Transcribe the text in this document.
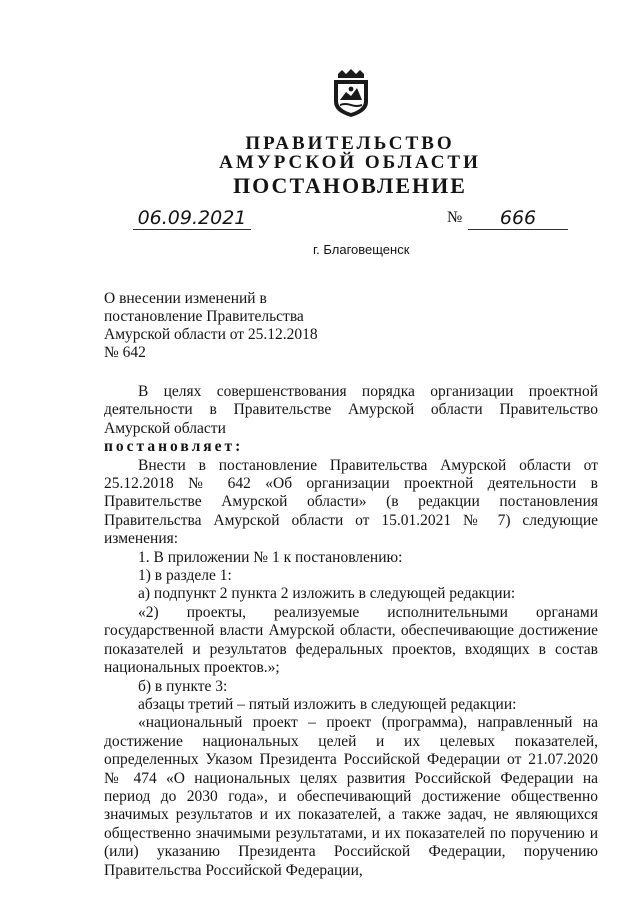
ПРАВИТЕЛЬСТВО
АМУРСКОЙ ОБЛАСТИ
ПОСТАНОВЛЕНИЕ
06.09.2021	№	666
г. Благовещенск
О внесении изменений в
постановление Правительства
Амурской области от 25.12.2018
№ 642

В целях совершенствования порядка организации проектной деятельности в Правительстве Амурской области Правительство Амурской области

постановляет:

Внести в постановление Правительства Амурской области от 25.12.2018 № 642 «Об организации проектной деятельности в Правительстве Амурской области» (в редакции постановления Правительства Амурской области от 15.01.2021 № 7) следующие изменения:

1. В приложении № 1 к постановлению:

1) в разделе 1:

а) подпункт 2 пункта 2 изложить в следующей редакции:

«2) проекты, реализуемые исполнительными органами государственной власти Амурской области, обеспечивающие достижение показателей и результатов федеральных проектов, входящих в состав национальных проектов.»;

б) в пункте 3:

абзацы третий – пятый изложить в следующей редакции:

«национальный проект – проект (программа), направленный на достижение национальных целей и их целевых показателей, определенных Указом Президента Российской Федерации от 21.07.2020 № 474 «О национальных целях развития Российской Федерации на период до 2030 года», и обеспечивающий достижение общественно значимых результатов и их показателей, а также задач, не являющихся общественно значимыми результатами, и их показателей по поручению и (или) указанию Президента Российской Федерации, поручению Правительства Российской Федерации,
